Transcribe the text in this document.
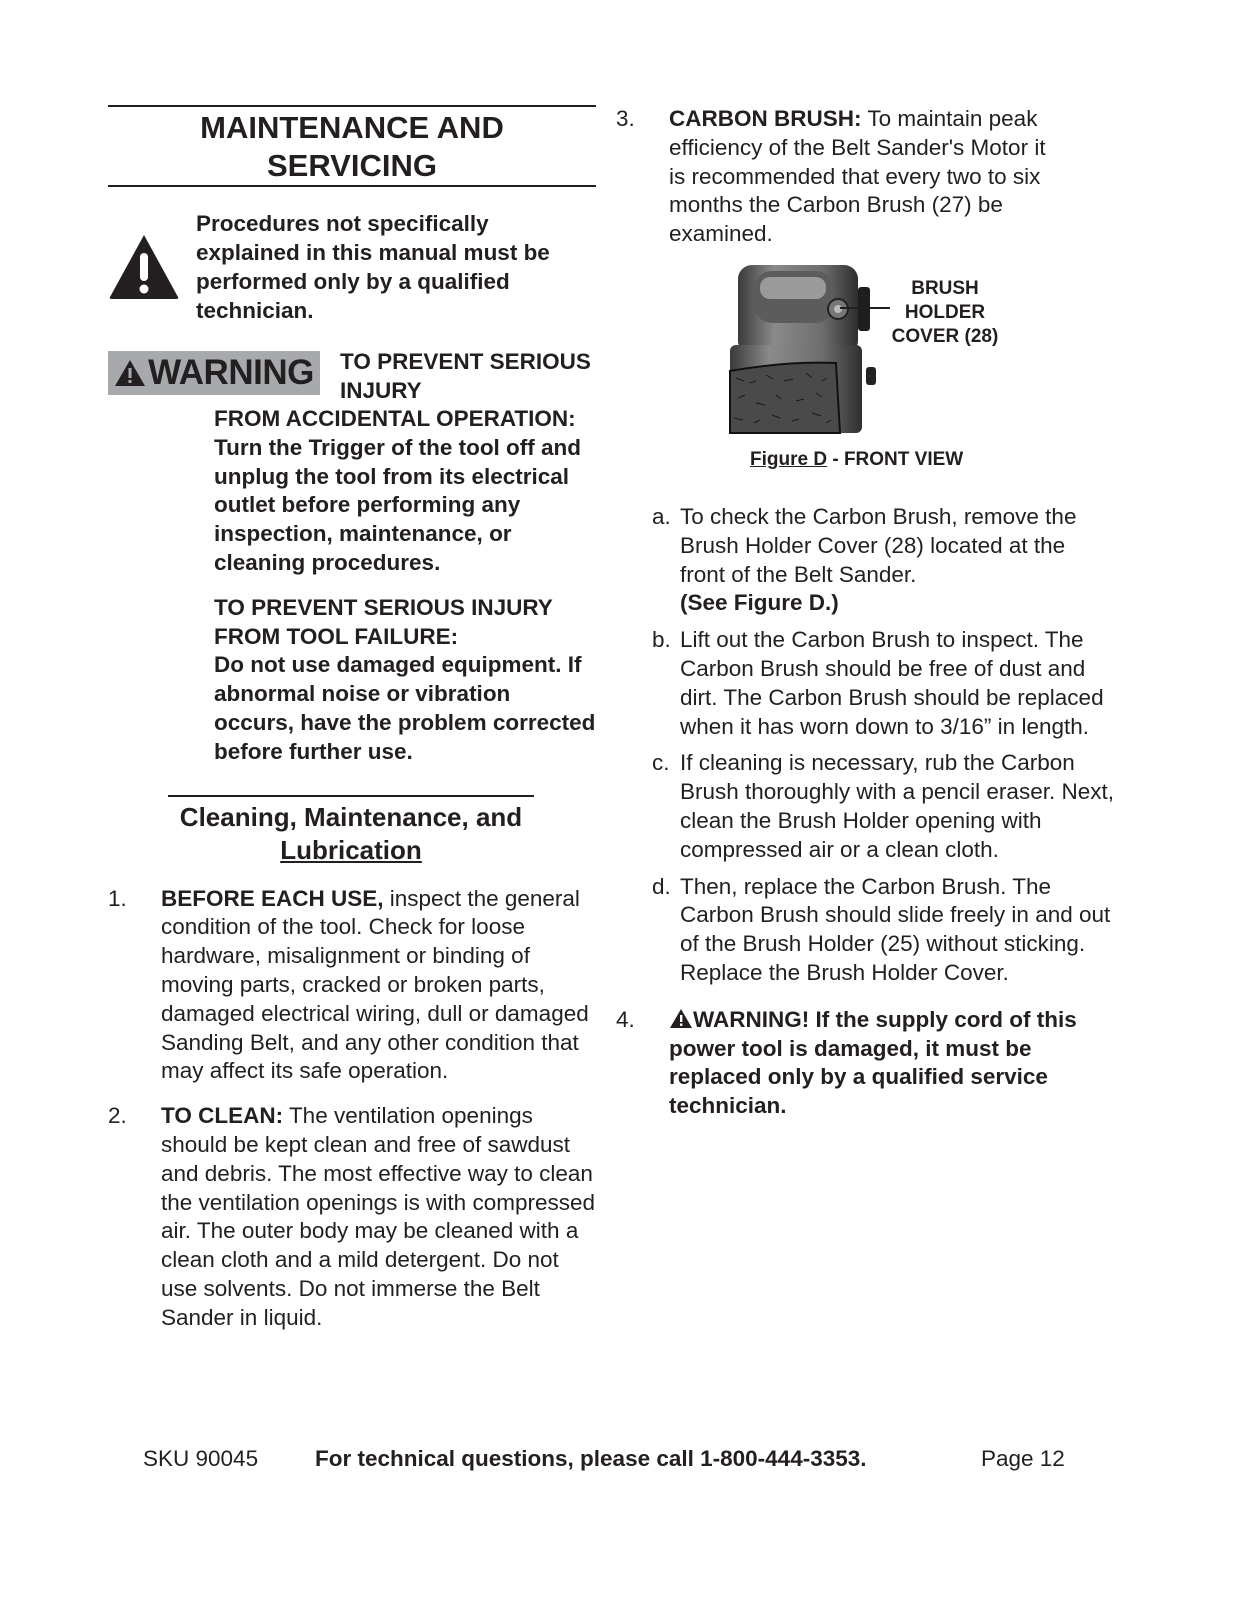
MAINTENANCE AND
SERVICING
Procedures not specifically explained in this manual must be performed only by a qualified technician.
WARNING TO PREVENT SERIOUS INJURY

FROM ACCIDENTAL OPERATION:
Turn the Trigger of the tool off and unplug the tool from its electrical outlet before performing any inspection, maintenance, or cleaning procedures.

TO PREVENT SERIOUS INJURY FROM TOOL FAILURE:
Do not use damaged equipment. If abnormal noise or vibration occurs, have the problem corrected before further use.

Cleaning, Maintenance, and
Lubrication
1.	BEFORE EACH USE, inspect the general condition of the tool. Check for loose hardware, misalignment or binding of moving parts, cracked or broken parts, damaged electrical wiring, dull or damaged Sanding Belt, and any other condition that may affect its safe operation.
2.	TO CLEAN: The ventilation openings should be kept clean and free of sawdust and debris. The most effective way to clean the ventilation openings is with compressed air. The outer body may be cleaned with a clean cloth and a mild detergent. Do not use solvents. Do not immerse the Belt Sander in liquid.
3.	CARBON BRUSH: To maintain peak efficiency of the Belt Sander's Motor it is recommended that every two to six months the Carbon Brush (27) be examined.
BRUSH
HOLDER
COVER (28)
Figure D - FRONT VIEW
a. To check the Carbon Brush, remove the Brush Holder Cover (28) located at the front of the Belt Sander.
(See Figure D.)
b. Lift out the Carbon Brush to inspect. The Carbon Brush should be free of dust and dirt. The Carbon Brush should be replaced when it has worn down to 3/16” in length.
c. If cleaning is necessary, rub the Carbon Brush thoroughly with a pencil eraser. Next, clean the Brush Holder opening with compressed air or a clean cloth.
d. Then, replace the Carbon Brush. The Carbon Brush should slide freely in and out of the Brush Holder (25) without sticking. Replace the Brush Holder Cover.
4.	WARNING! If the supply cord of this power tool is damaged, it must be replaced only by a qualified service technician.
SKU 90045	For technical questions, please call 1-800-444-3353.	Page 12
